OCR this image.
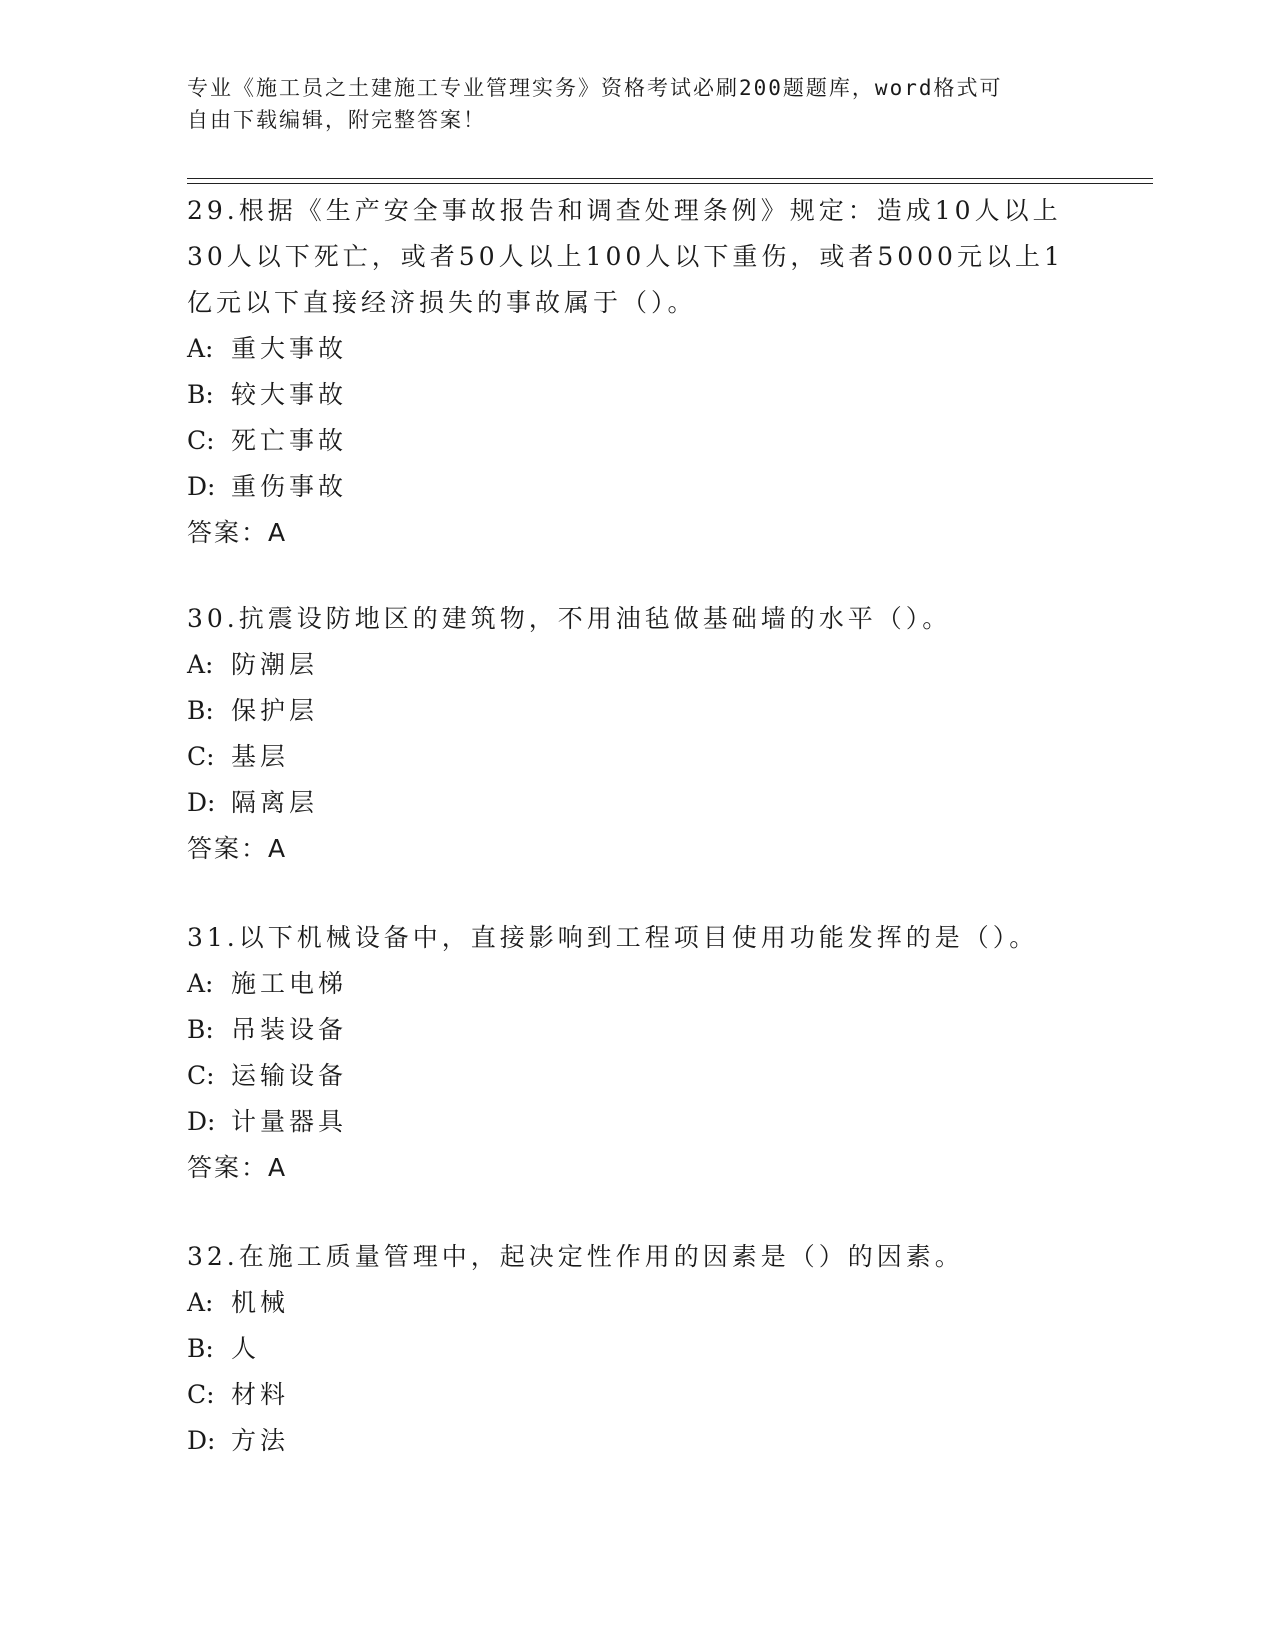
专业《施工员之土建施工专业管理实务》资格考试必刷200题题库，word格式可
自由下载编辑，附完整答案！
29.根据《生产安全事故报告和调查处理条例》规定：造成10人以上
30人以下死亡，或者50人以上100人以下重伤，或者5000元以上1
亿元以下直接经济损失的事故属于（）。
A: 重大事故
B: 较大事故
C: 死亡事故
D: 重伤事故
答案：A
30.抗震设防地区的建筑物，不用油毡做基础墙的水平（）。
A: 防潮层
B: 保护层
C: 基层
D: 隔离层
答案：A
31.以下机械设备中，直接影响到工程项目使用功能发挥的是（）。
A: 施工电梯
B: 吊装设备
C: 运输设备
D: 计量器具
答案：A
32.在施工质量管理中，起决定性作用的因素是（）的因素。
A: 机械
B: 人
C: 材料
D: 方法
